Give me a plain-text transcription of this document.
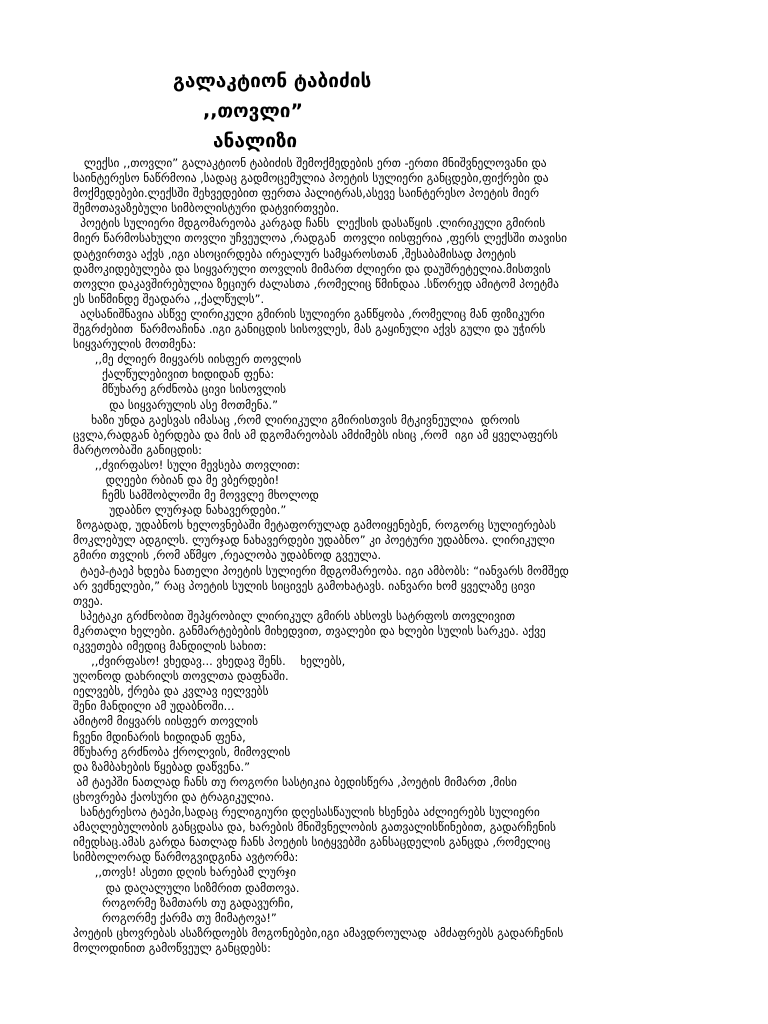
გალაკტიონ ტაბიძის
,,თოვლი”
ანალიზი
ლექსი ,,თოვლი” გალაკტიონ ტაბიძის შემოქმედების ერთ -ერთი მნიშვნელოვანი და
საინტერესო ნაწრმოია ,სადაც გადმოცემულია პოეტის სულიერი განცდები,ფიქრები და
მოქმედებები.ლექსში შეხვედებით ფერთა პალიტრას,ასევე საინტერესო პოეტის მიერ
შემოთავაზებული სიმბოლისტური დატვირთვები.
პოეტის სულიერი მდგომარეობა კარგად ჩანს  ლექსის დასაწყის .ლირიკული გმირის
მიერ წარმოსახული თოვლი უჩვეულოა ,რადგან  თოვლი იისფერია ,ფერს ლექსში თავისი
დატვირთვა აქვს ,იგი ასოცირდება ირეალურ სამყაროსთან ,შესაბამისად პოეტის
დამოკიდებულება და სიყვარული თოვლის მიმართ ძლიერი და დაუშრეტელია.მისთვის
თოვლი დაკავშირებულია ზეციურ ძალასთა ,რომელიც წმინდაა .სწორედ ამიტომ პოეტმა
ეს სიწმინდე შეადარა ,,ქალწულს”.
აღსანიშნავია ასწვე ლირიკული გმირის სულიერი განწყობა ,რომელიც მან ფიზიკური
შეგრძებით  წარმოაჩინა .იგი განიცდის სისოვლეს, მას გაყინული აქვს გული და უჭირს
სიყვარულის მოთმენა:
,,მე ძლიერ მიყვარს იისფერ თოვლის
ქალწულებივით ხიდიდან ფენა:
მწუხარე გრძნობა ცივი სისოვლის
და სიყვარულის ასე მოთმენა.”
ხაზი უნდა გაესვას იმასაც ,რომ ლირიკული გმირისთვის მტკივნეულია  დროის
ცვლა,რადგან ბერდება და მის ამ დგომარეობას ამძიმებს ისიც ,რომ  იგი ამ ყველაფერს
მარტოობაში განიცდის:
,,ძვირფასო! სული მევსება თოვლით:
დღეები რბიან და მე ვბერდები!
ჩემს სამშობლოში მე მოვვლე მხოლოდ
უდაბნო ლურჯად ნახავერდები.”
ზოგადად, უდაბნოს ხელოვნებაში მეტაფორულად გამოიყენებენ, როგორც სულიერებას
მოკლებულ ადგილს. ლურჯად ნახავერდები უდაბნო” კი პოეტური უდაბნოა. ლირიკული
გმირი თვლის ,რომ აწმყო ,რეალობა უდაბნოდ გვეულა.
ტაეპ-ტაეპ ხდება ნათელი პოეტის სულიერი მდგომარეობა. იგი ამბობს: “იანვარს მომშედ
არ ვეძნელები,” რაც პოეტის სულის სიცივეს გამოხატავს. იანვარი ხომ ყველაზე ცივი
თვეა.
სპეტაკი გრძნობით შეპყრობილ ლირიკულ გმირს ახსოვს სატრფოს თოვლივით
მკრთალი ხელები. განმარტებების მიხედვით, თვალები და ხლები სულის სარკეა. აქვე
იკვეთება იმედიც მანდილის სახით:
,,ძვირფასო! ვხედავ... ვხედავ შენს.    ხელებს,
უღონოდ დახრილს თოვლთა დაფნაში.
იელვებს, ქრება და კვლავ იელვებს
შენი მანდილი ამ უდაბნოში...
ამიტომ მიყვარს იისფერ თოვლის
ჩვენი მდინარის ხიდიდან ფენა,
მწუხარე გრძნობა ქროლვის, მიმოვლის
და ზამბახების წყებად დაწვენა.”
ამ ტაეპში ნათლად ჩანს თუ როგორი სასტიკია ბედისწერა ,პოეტის მიმართ ,მისი
ცხოვრება ქაოსური და ტრაგიკულია.
სანტერესოა ტაეპი,სადაც რელიგიური დღესასწაულის ხსენება აძლიერებს სულიერი
ამაღლებულობის განცდასა და, ხარების მნიშვნელობის გათვალისწინებით, გადარჩენის
იმედსაც.ამას გარდა ნათლად ჩანს პოეტის სიტყვებში განსაცდელის განცდა ,რომელიც
სიმბოლორად წარმოგვიდგინა ავტორმა:
,,თოვს! ასეთი დღის ხარებამ ლურჯი
და დაღალული სიზმრით დამთოვა.
როგორმე ზამთარს თუ გადავურჩი,
როგორმე ქარმა თუ მიმატოვა!”
პოეტის ცხოვრებას ასაზრდოებს მოგონებები,იგი ამავდროულად  ამძაფრებს გადარჩენის
მოლოდინით გამოწვეულ განცდებს:
